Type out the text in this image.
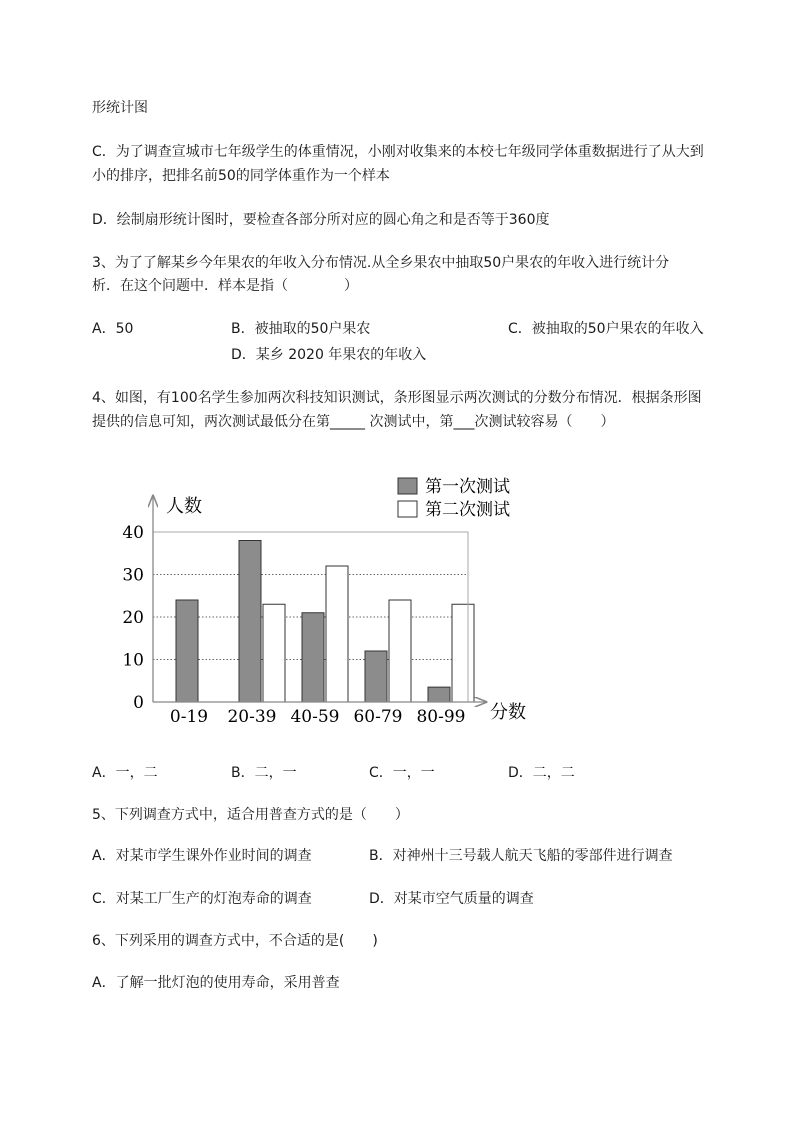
形统计图
C．为了调查宣城市七年级学生的体重情况，小刚对收集来的本校七年级同学体重数据进行了从大到
小的排序，把排名前50的同学体重作为一个样本
D．绘制扇形统计图时，要检查各部分所对应的圆心角之和是否等于360度
3、为了了解某乡今年果农的年收入分布情况.从全乡果农中抽取50户果农的年收入进行统计分
析．在这个问题中．样本是指（　　　　）
A．50	B．被抽取的50户果农	C．被抽取的50户果农的年收入
D．某乡 2020 年果农的年收入
4、如图，有100名学生参加两次科技知识测试，条形图显示两次测试的分数分布情况．根据条形图
提供的信息可知，两次测试最低分在第_____ 次测试中，第___次测试较容易（　　）
人数
分数
0
10
20
30
40
0-19 20-39 40-59 60-79 80-99
第一次测试
第二次测试
A．一，二	B．二，一	C．一，一	D．二，二
5、下列调查方式中，适合用普查方式的是（　　）
A．对某市学生课外作业时间的调查	B．对神州十三号载人航天飞船的零部件进行调查
C．对某工厂生产的灯泡寿命的调查	D．对某市空气质量的调查
6、下列采用的调查方式中，不合适的是(　　)
A．了解一批灯泡的使用寿命，采用普查
